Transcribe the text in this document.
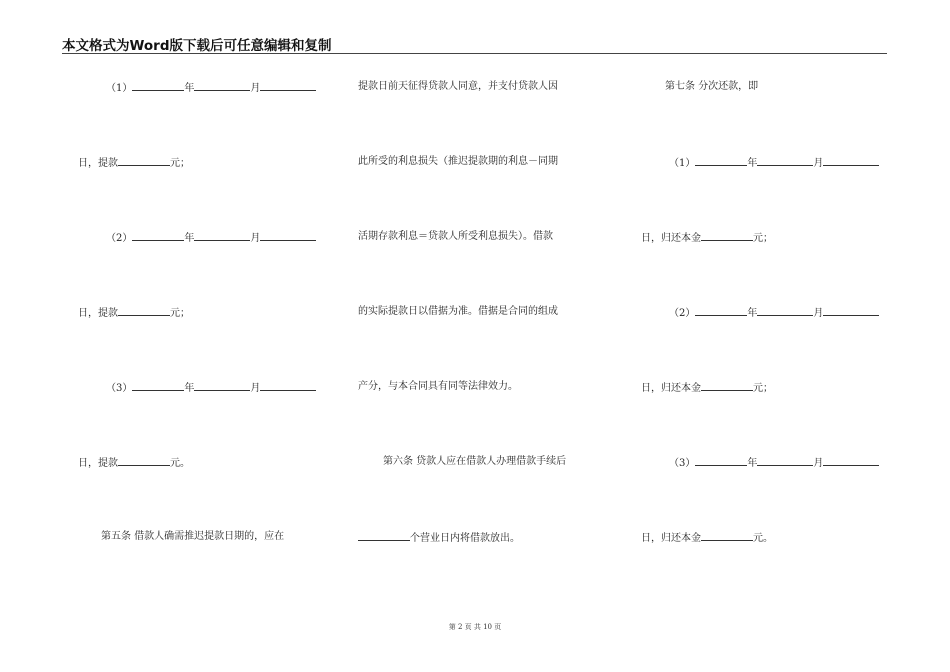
本文格式为Word版下载后可任意编辑和复制
（1）	年	月
日，提款	元；
（2）	年	月
日，提款	元；
（3）	年	月
日，提款	元。
第五条 借款人确需推迟提款日期的，应在
提款日前天征得贷款人同意，并支付贷款人因
此所受的利息损失（推迟提款期的利息－同期
活期存款利息＝贷款人所受利息损失）。借款
的实际提款日以借据为准。借据是合同的组成
产分，与本合同具有同等法律效力。
第六条 贷款人应在借款人办理借款手续后
个营业日内将借款放出。
第七条 分次还款，即
（1）	年	月
日，归还本金	元；
（2）	年	月
日，归还本金	元；
（3）	年	月
日，归还本金	元。
第 2 页 共 10 页
